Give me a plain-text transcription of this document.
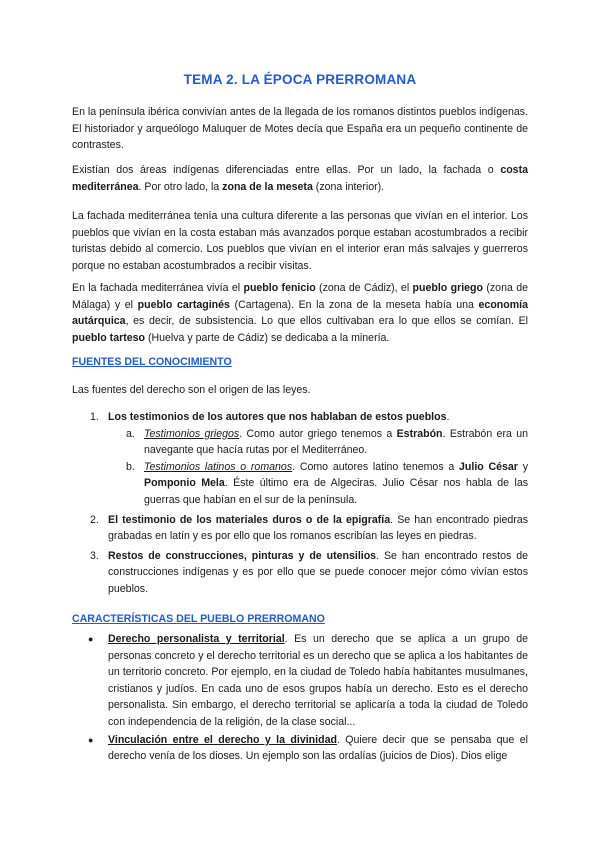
TEMA 2. LA ÉPOCA PRERROMANA

En la península ibérica convivían antes de la llegada de los romanos distintos pueblos indígenas. El historiador y arqueólogo Maluquer de Motes decía que España era un pequeño continente de contrastes.

Existían dos áreas indígenas diferenciadas entre ellas. Por un lado, la fachada o costa mediterránea. Por otro lado, la zona de la meseta (zona interior).

La fachada mediterránea tenía una cultura diferente a las personas que vivían en el interior. Los pueblos que vivían en la costa estaban más avanzados porque estaban acostumbrados a recibir turistas debido al comercio. Los pueblos que vivían en el interior eran más salvajes y guerreros porque no estaban acostumbrados a recibir visitas.

En la fachada mediterránea vivía el pueblo fenicio (zona de Cádiz), el pueblo griego (zona de Málaga) y el pueblo cartaginés (Cartagena). En la zona de la meseta había una economía autárquica, es decir, de subsistencia. Lo que ellos cultivaban era lo que ellos se comían. El pueblo tarteso (Huelva y parte de Cádiz) se dedicaba a la minería.

FUENTES DEL CONOCIMIENTO

Las fuentes del derecho son el origen de las leyes.

1. Los testimonios de los autores que nos hablaban de estos pueblos.
a. Testimonios griegos. Como autor griego tenemos a Estrabón. Estrabón era un navegante que hacía rutas por el Mediterráneo.
b. Testimonios latinos o romanos. Como autores latino tenemos a Julio César y Pomponio Mela. Éste último era de Algeciras. Julio César nos habla de las guerras que habían en el sur de la península.
2. El testimonio de los materiales duros o de la epigrafía. Se han encontrado piedras grabadas en latín y es por ello que los romanos escribían las leyes en piedras.
3. Restos de construcciones, pinturas y de utensilios. Se han encontrado restos de construcciones indígenas y es por ello que se puede conocer mejor cómo vivían estos pueblos.
CARACTERÍSTICAS DEL PUEBLO PRERROMANO
● Derecho personalista y territorial. Es un derecho que se aplica a un grupo de personas concreto y el derecho territorial es un derecho que se aplica a los habitantes de un territorio concreto. Por ejemplo, en la ciudad de Toledo había habitantes musulmanes, cristianos y judíos. En cada uno de esos grupos había un derecho. Esto es el derecho personalista. Sin embargo, el derecho territorial se aplicaría a toda la ciudad de Toledo con independencia de la religión, de la clase social...
● Vinculación entre el derecho y la divinidad. Quiere decir que se pensaba que el derecho venía de los dioses. Un ejemplo son las ordalías (juicios de Dios). Dios elige
